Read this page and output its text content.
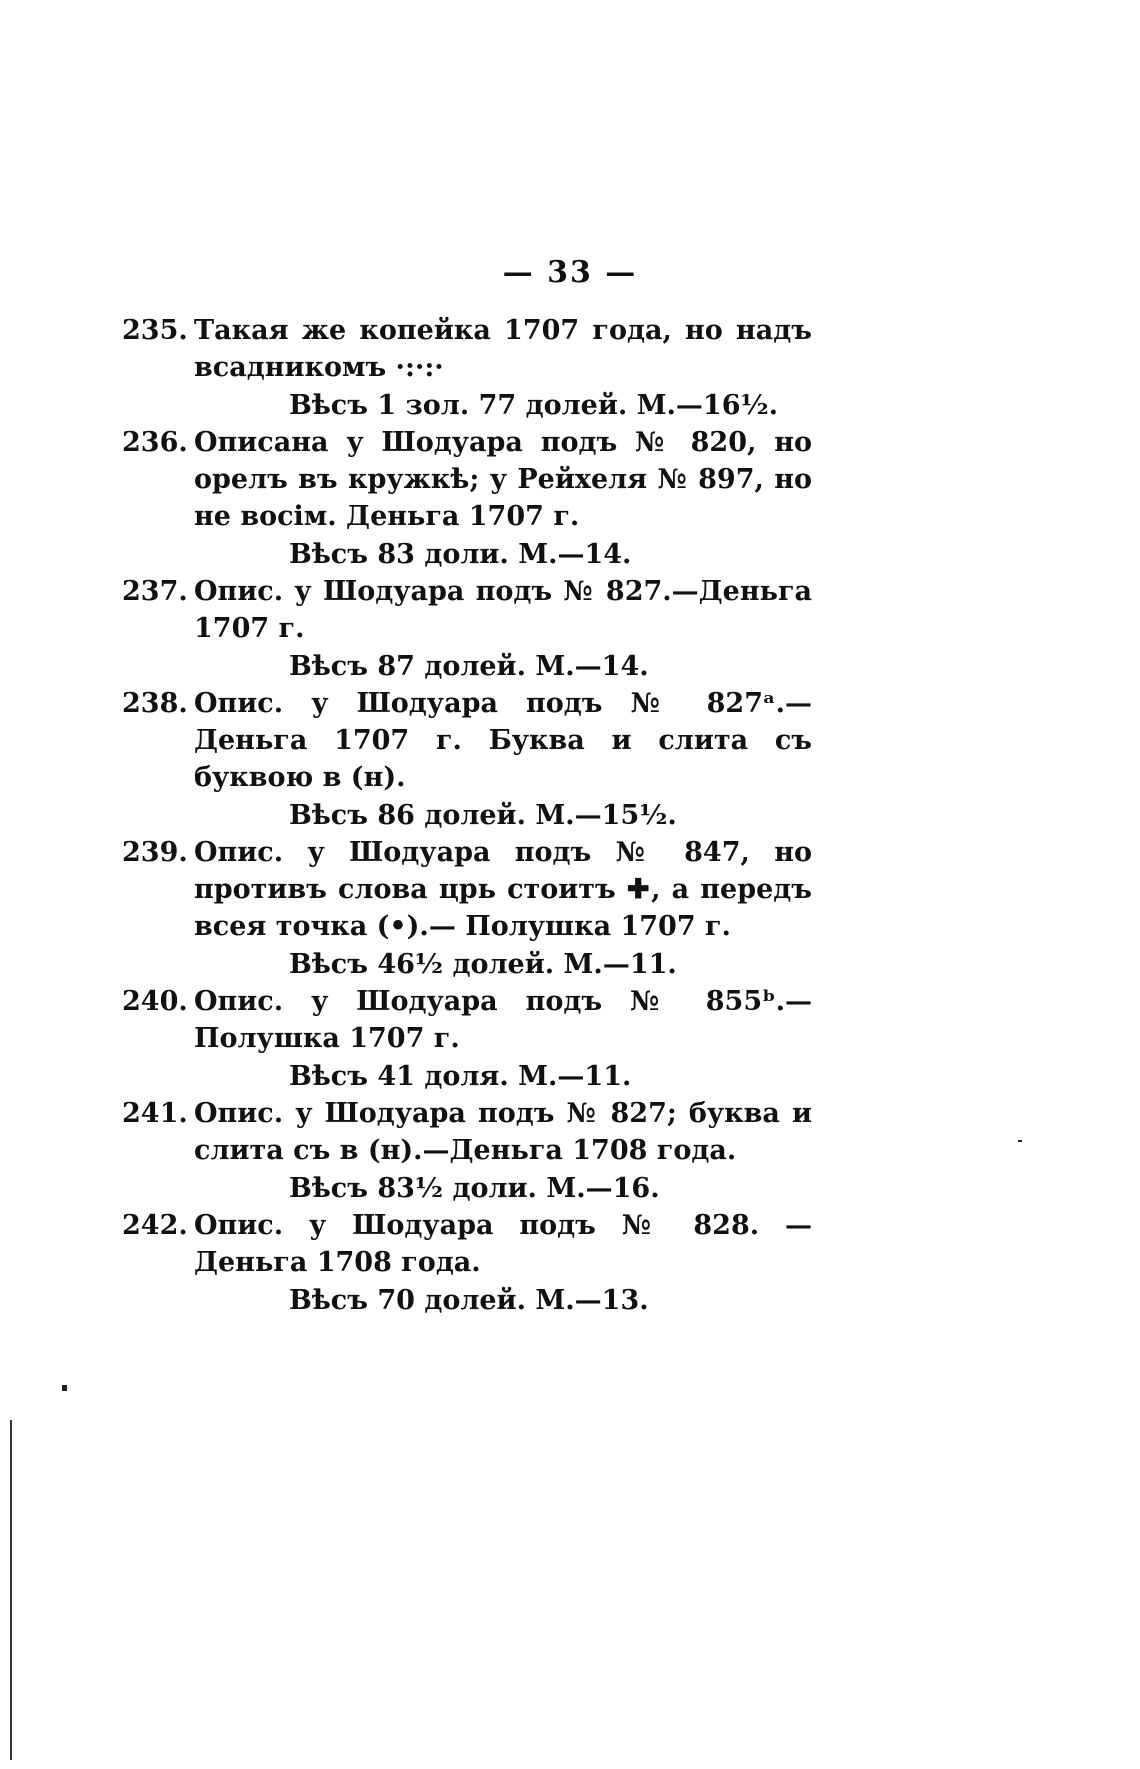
— 33 —
235. Такая же копейка 1707 года, но надъ всадникомъ ·:·:·
Вѣсъ 1 зол. 77 долей. М.—16½.
236. Описана у Шодуара подъ № 820, но орелъ въ кружкѣ; у Рейхеля № 897, но не восім. Деньга 1707 г.
Вѣсъ 83 доли. М.—14.
237. Опис. у Шодуара подъ № 827.—Деньга 1707 г.
Вѣсъ 87 долей. М.—14.
238. Опис. у Шодуара подъ № 827ᵃ.—Деньга 1707 г. Буква и слита съ буквою в (н).
Вѣсъ 86 долей. М.—15½.
239. Опис. у Шодуара подъ № 847, но противъ слова црь стоитъ ✚, а передъ всея точка (•).— Полушка 1707 г.
Вѣсъ 46½ долей. М.—11.
240. Опис. у Шодуара подъ № 855ᵇ.—Полушка 1707 г.
Вѣсъ 41 доля. М.—11.
241. Опис. у Шодуара подъ № 827; буква и слита съ в (н).—Деньга 1708 года.
Вѣсъ 83½ доли. М.—16.
242. Опис. у Шодуара подъ № 828. — Деньга 1708 года.
Вѣсъ 70 долей. М.—13.
